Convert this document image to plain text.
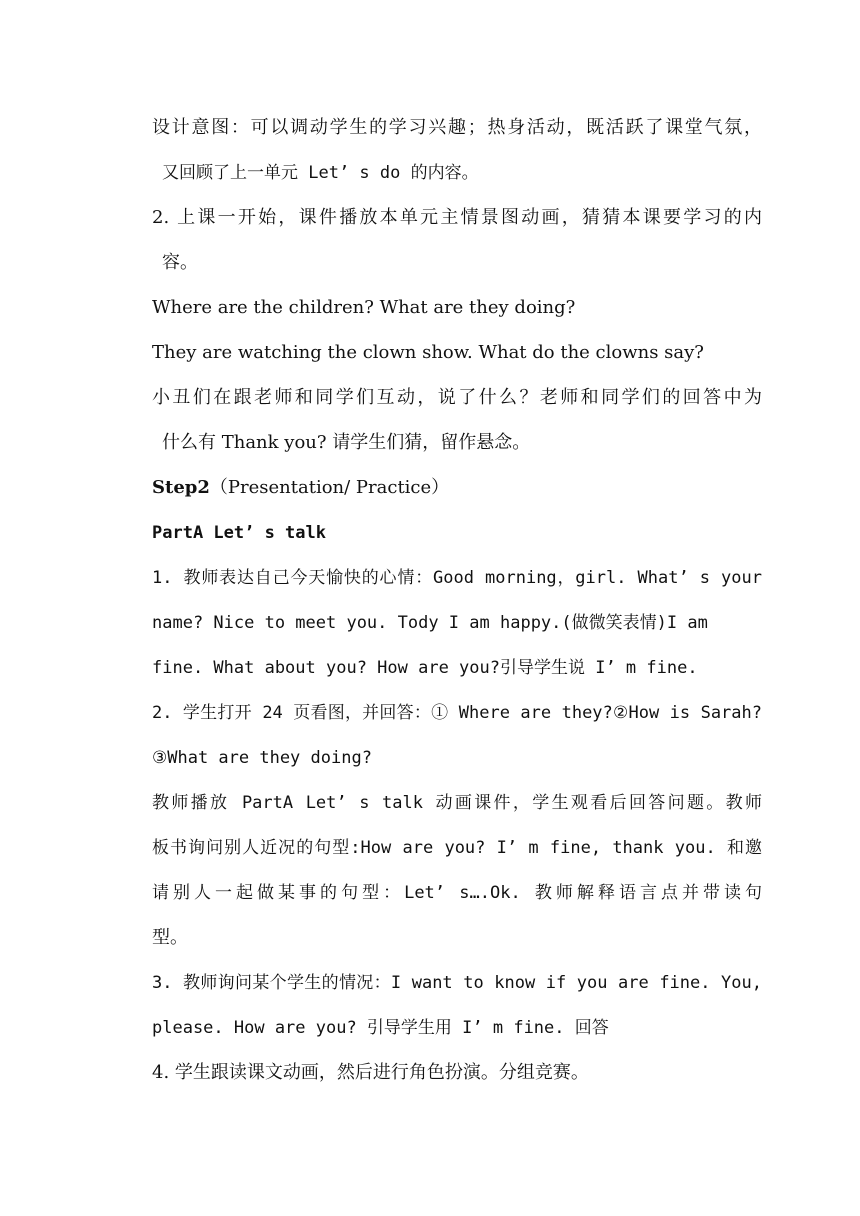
设计意图：可以调动学生的学习兴趣；热身活动，既活跃了课堂气氛，
又回顾了上一单元 Let’ s do 的内容。
2. 上课一开始，课件播放本单元主情景图动画，猜猜本课要学习的内
容。
Where are the children? What are they doing?
They are watching the clown show. What do the clowns say?
小丑们在跟老师和同学们互动，说了什么？老师和同学们的回答中为
什么有 Thank you? 请学生们猜，留作悬念。
Step2（Presentation/ Practice）
PartA Let’ s talk
1. 教师表达自己今天愉快的心情：Good morning，girl. What’ s your
name? Nice to meet you. Tody I am happy.(做微笑表情)I am
fine. What about you? How are you?引导学生说 I’ m fine.
2. 学生打开 24 页看图，并回答：① Where are they?②How is Sarah?
③What are they doing?
教师播放 PartA Let’ s talk 动画课件，学生观看后回答问题。教师
板书询问别人近况的句型:How are you? I’ m fine, thank you. 和邀
请别人一起做某事的句型：Let’ s….Ok. 教师解释语言点并带读句
型。
3. 教师询问某个学生的情况：I want to know if you are fine. You,
please. How are you? 引导学生用 I’ m fine. 回答
4. 学生跟读课文动画，然后进行角色扮演。分组竞赛。
